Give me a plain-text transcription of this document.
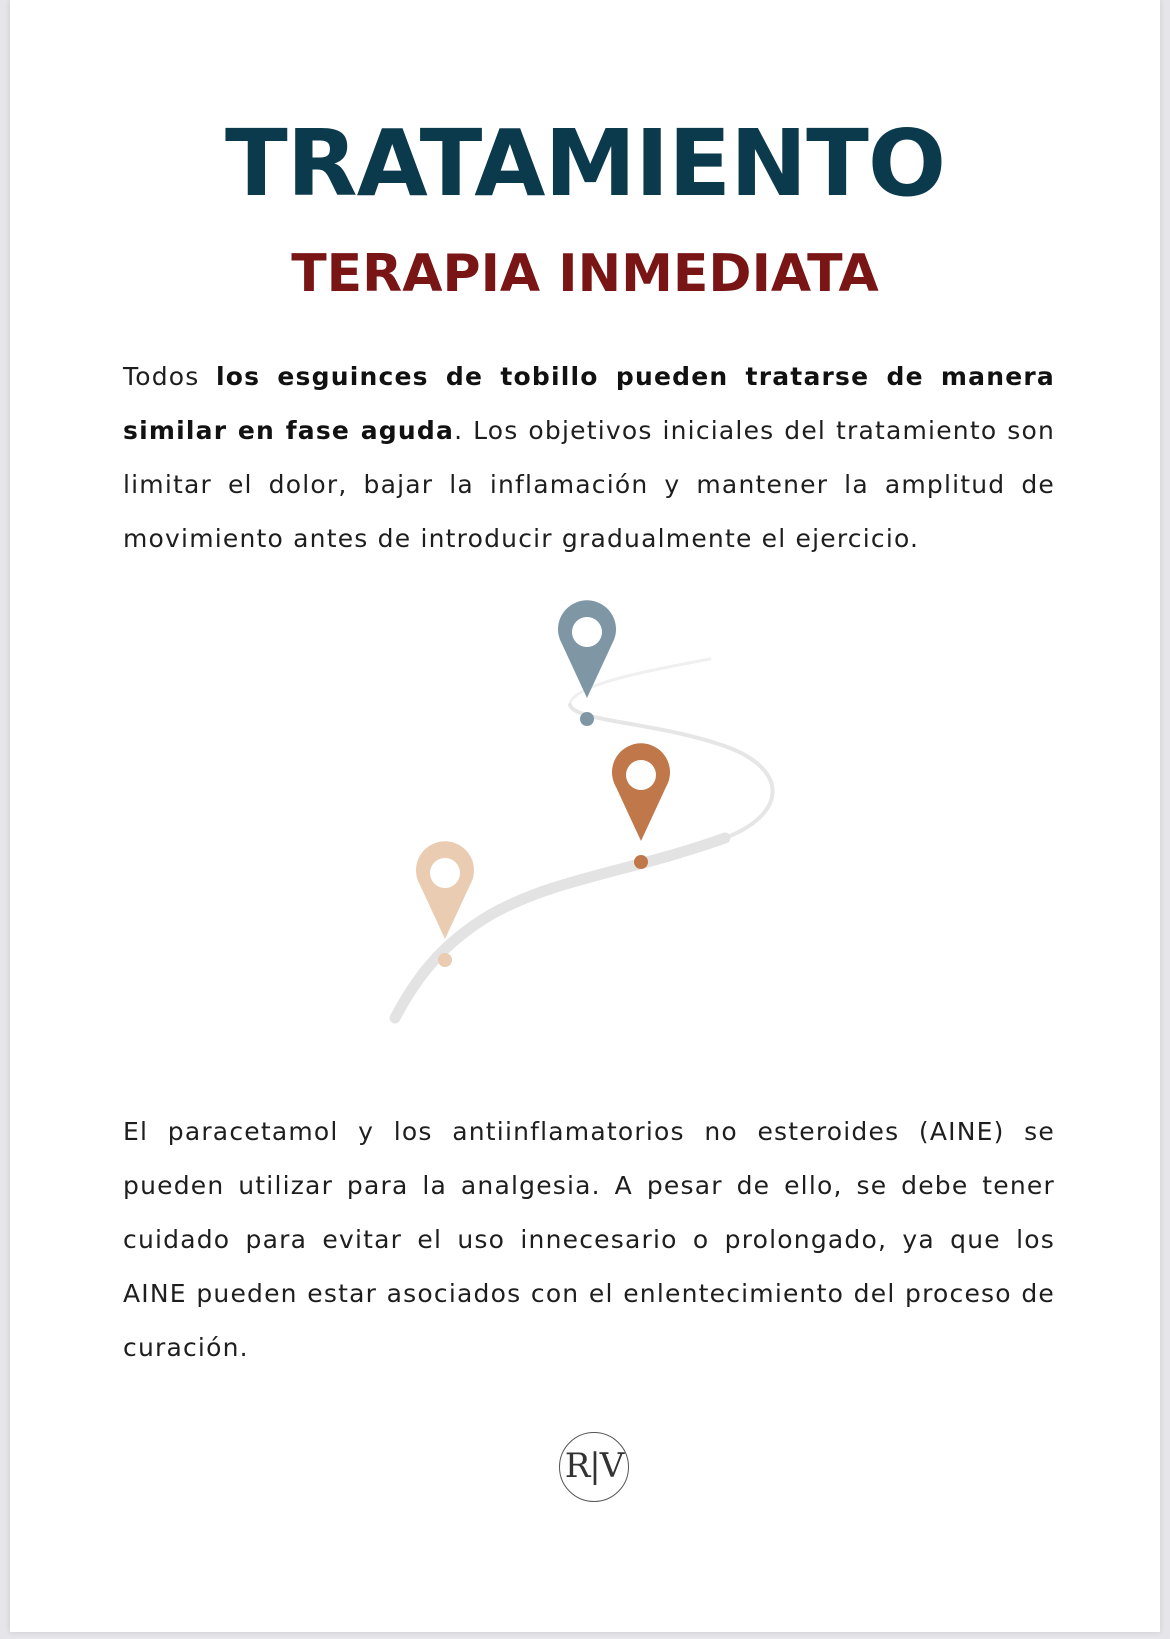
TRATAMIENTO
TERAPIA INMEDIATA

Todos los esguinces de tobillo pueden tratarse de manera similar en fase aguda. Los objetivos iniciales del tratamiento son limitar el dolor, bajar la inflamación y mantener la amplitud de movimiento antes de introducir gradualmente el ejercicio.

El paracetamol y los antiinflamatorios no esteroides (AINE) se pueden utilizar para la analgesia. A pesar de ello, se debe tener cuidado para evitar el uso innecesario o prolongado, ya que los AINE pueden estar asociados con el enlentecimiento del proceso de curación.

R|V
